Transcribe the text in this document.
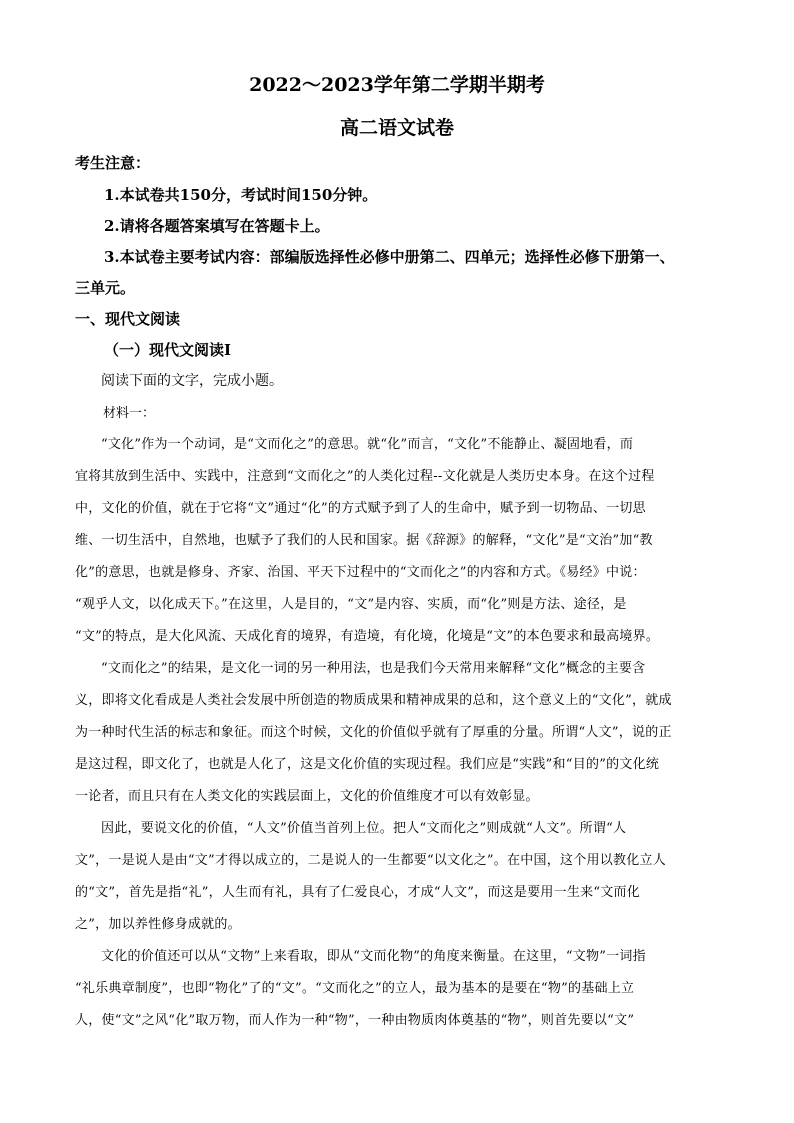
2022～2023学年第二学期半期考
高二语文试卷
考生注意：
1.本试卷共150分，考试时间150分钟。
2.请将各题答案填写在答题卡上。
3.本试卷主要考试内容：部编版选择性必修中册第二、四单元；选择性必修下册第一、
三单元。
一、现代文阅读
（一）现代文阅读Ⅰ
阅读下面的文字，完成小题。
材料一：
“文化”作为一个动词，是“文而化之”的意思。就“化”而言，“文化”不能静止、凝固地看，而
宜将其放到生活中、实践中，注意到“文而化之”的人类化过程--文化就是人类历史本身。在这个过程
中，文化的价值，就在于它将“文”通过“化”的方式赋予到了人的生命中，赋予到一切物品、一切思
维、一切生活中，自然地，也赋予了我们的人民和国家。据《辞源》的解释，“文化”是“文治”加“教
化”的意思，也就是修身、齐家、治国、平天下过程中的“文而化之”的内容和方式。《易经》中说：
“观乎人文，以化成天下。”在这里，人是目的，“文”是内容、实质，而“化”则是方法、途径，是
“文”的特点，是大化风流、天成化育的境界，有造境，有化境，化境是“文”的本色要求和最高境界。
“文而化之”的结果，是文化一词的另一种用法，也是我们今天常用来解释“文化”概念的主要含
义，即将文化看成是人类社会发展中所创造的物质成果和精神成果的总和，这个意义上的“文化”，就成
为一种时代生活的标志和象征。而这个时候，文化的价值似乎就有了厚重的分量。所谓“人文”，说的正
是这过程，即文化了，也就是人化了，这是文化价值的实现过程。我们应是“实践”和“目的”的文化统
一论者，而且只有在人类文化的实践层面上，文化的价值维度才可以有效彰显。
因此，要说文化的价值，“人文”价值当首列上位。把人“文而化之”则成就“人文”。所谓“人
文”，一是说人是由“文”才得以成立的，二是说人的一生都要“以文化之”。在中国，这个用以教化立人
的“文”，首先是指“礼”，人生而有礼，具有了仁爱良心，才成“人文”，而这是要用一生来“文而化
之”，加以养性修身成就的。
文化的价值还可以从“文物”上来看取，即从“文而化物”的角度来衡量。在这里，“文物”一词指
“礼乐典章制度”，也即“物化”了的“文”。“文而化之”的立人，最为基本的是要在“物”的基础上立
人，使“文”之风“化”取万物，而人作为一种“物”，一种由物质肉体奠基的“物”，则首先要以“文”
